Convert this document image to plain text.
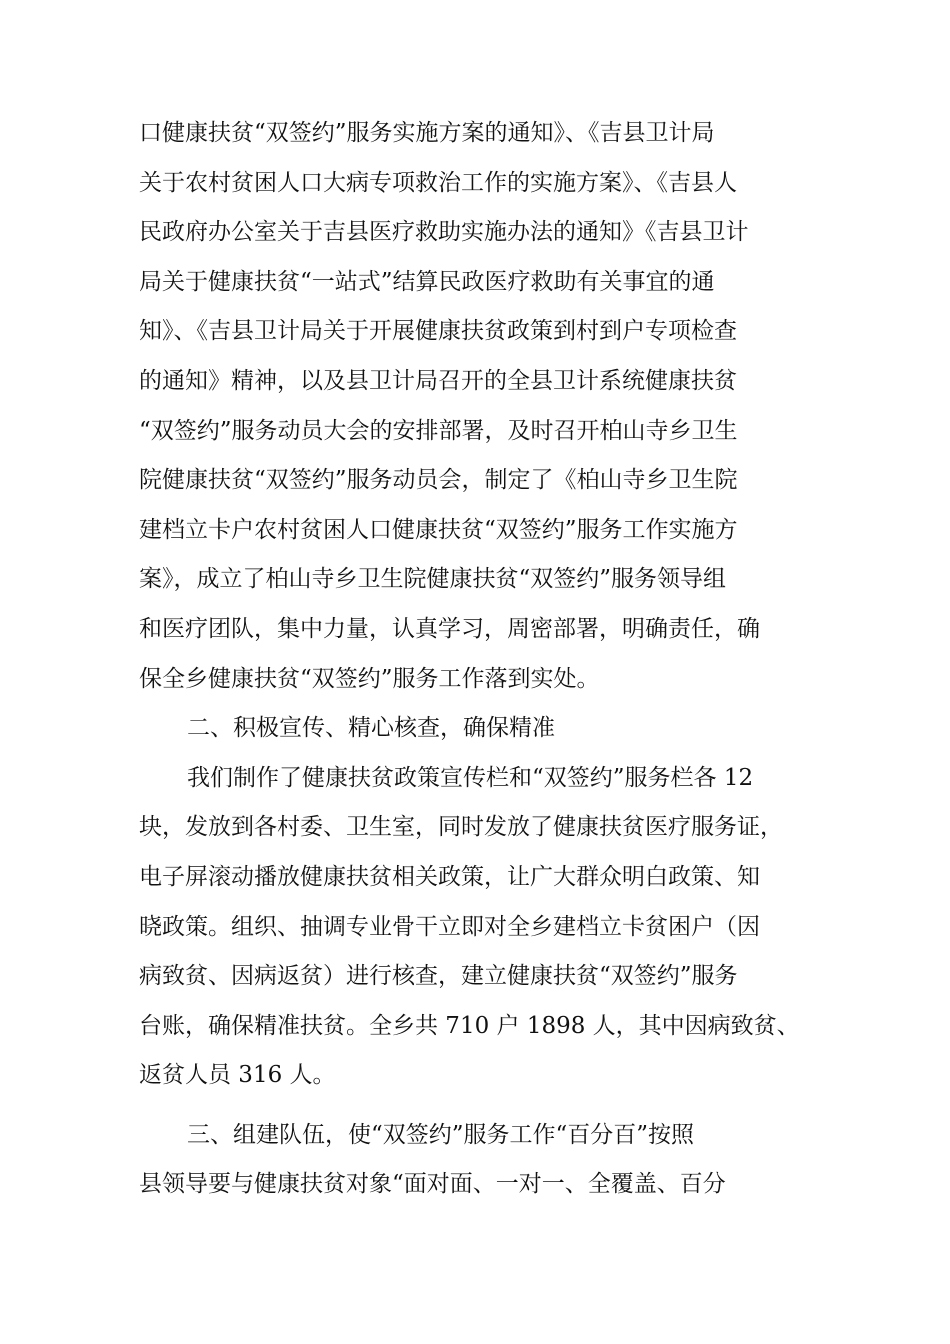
口健康扶贫“双签约”服务实施方案的通知》、《吉县卫计局
关于农村贫困人口大病专项救治工作的实施方案》、《吉县人
民政府办公室关于吉县医疗救助实施办法的通知》《吉县卫计
局关于健康扶贫“一站式”结算民政医疗救助有关事宜的通
知》、《吉县卫计局关于开展健康扶贫政策到村到户专项检查
的通知》精神，以及县卫计局召开的全县卫计系统健康扶贫
“双签约”服务动员大会的安排部署，及时召开柏山寺乡卫生
院健康扶贫“双签约”服务动员会，制定了《柏山寺乡卫生院
建档立卡户农村贫困人口健康扶贫“双签约”服务工作实施方
案》，成立了柏山寺乡卫生院健康扶贫“双签约”服务领导组
和医疗团队，集中力量，认真学习，周密部署，明确责任，确
保全乡健康扶贫“双签约”服务工作落到实处。
二、积极宣传、精心核查，确保精准
我们制作了健康扶贫政策宣传栏和“双签约”服务栏各 12
块，发放到各村委、卫生室，同时发放了健康扶贫医疗服务证，
电子屏滚动播放健康扶贫相关政策，让广大群众明白政策、知
晓政策。组织、抽调专业骨干立即对全乡建档立卡贫困户（因
病致贫、因病返贫）进行核查，建立健康扶贫“双签约”服务
台账，确保精准扶贫。全乡共 710 户 1898 人，其中因病致贫、
返贫人员 316 人。
三、组建队伍，使“双签约”服务工作“百分百”按照
县领导要与健康扶贫对象“面对面、一对一、全覆盖、百分
